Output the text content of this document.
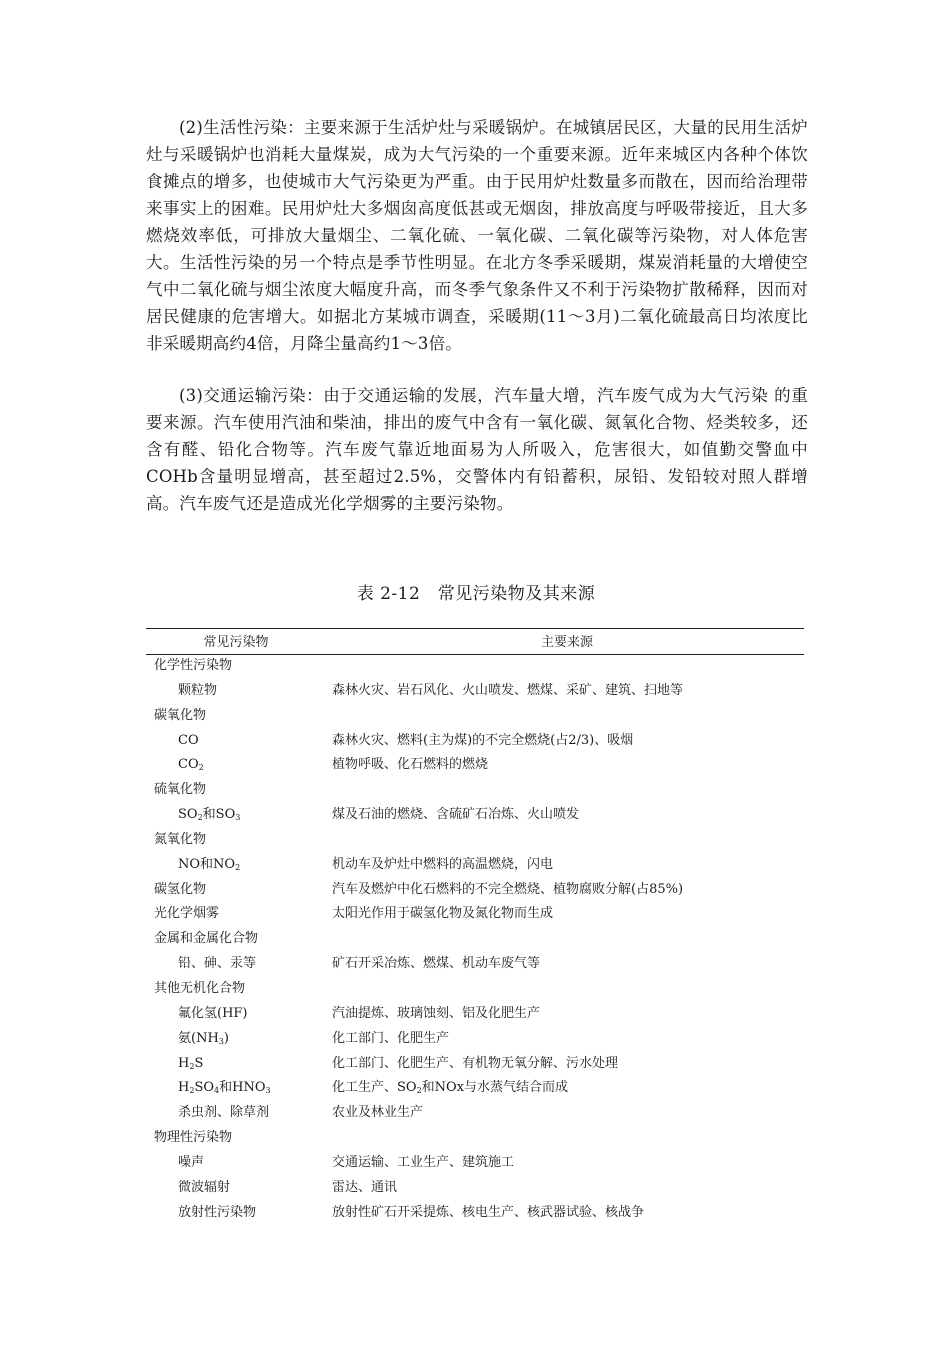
(2)生活性污染：主要来源于生活炉灶与采暖锅炉。在城镇居民区，大量的民用生活炉灶与采暖锅炉也消耗大量煤炭，成为大气污染的一个重要来源。近年来城区内各种个体饮食摊点的增多，也使城市大气污染更为严重。由于民用炉灶数量多而散在，因而给治理带来事实上的困难。民用炉灶大多烟囱高度低甚或无烟囱，排放高度与呼吸带接近，且大多燃烧效率低，可排放大量烟尘、二氧化硫、一氧化碳、二氧化碳等污染物，对人体危害大。生活性污染的另一个特点是季节性明显。在北方冬季采暖期，煤炭消耗量的大增使空气中二氧化硫与烟尘浓度大幅度升高，而冬季气象条件又不利于污染物扩散稀释，因而对居民健康的危害增大。如据北方某城市调查，采暖期(11～3月)二氧化硫最高日均浓度比非采暖期高约4倍，月降尘量高约1～3倍。

(3)交通运输污染：由于交通运输的发展，汽车量大增，汽车废气成为大气污染 的重要来源。汽车使用汽油和柴油，排出的废气中含有一氧化碳、氮氧化合物、烃类较多，还含有醛、铅化合物等。汽车废气靠近地面易为人所吸入，危害很大，如值勤交警血中COHb含量明显增高，甚至超过2.5%，交警体内有铅蓄积，尿铅、发铅较对照人群增高。汽车废气还是造成光化学烟雾的主要污染物。

表 2-12　常见污染物及其来源

常见污染物	主要来源

化学性污染物
颗粒物	森林火灾、岩石风化、火山喷发、燃煤、采矿、建筑、扫地等
碳氧化物
CO	森林火灾、燃料(主为煤)的不完全燃烧(占2/3)、吸烟
$CO_2$	植物呼吸、化石燃料的燃烧
硫氧化物
$SO_2$和$SO_3$	煤及石油的燃烧、含硫矿石冶炼、火山喷发
氮氧化物
NO和$NO_2$	机动车及炉灶中燃料的高温燃烧，闪电
碳氢化物	汽车及燃炉中化石燃料的不完全燃烧、植物腐败分解(占85%)
光化学烟雾	太阳光作用于碳氢化物及氮化物而生成
金属和金属化合物
铅、砷、汞等	矿石开采冶炼、燃煤、机动车废气等
其他无机化合物
氟化氢(HF)	汽油提炼、玻璃蚀刻、铝及化肥生产
氨$(NH_3)$	化工部门、化肥生产
$H_2S$	化工部门、化肥生产、有机物无氧分解、污水处理
$H_2SO_4$和$HNO_3$	化工生产、$SO_2$和NOx与水蒸气结合而成
杀虫剂、除草剂	农业及林业生产
物理性污染物
噪声	交通运输、工业生产、建筑施工
微波辐射	雷达、通讯
放射性污染物	放射性矿石开采提炼、核电生产、核武器试验、核战争
